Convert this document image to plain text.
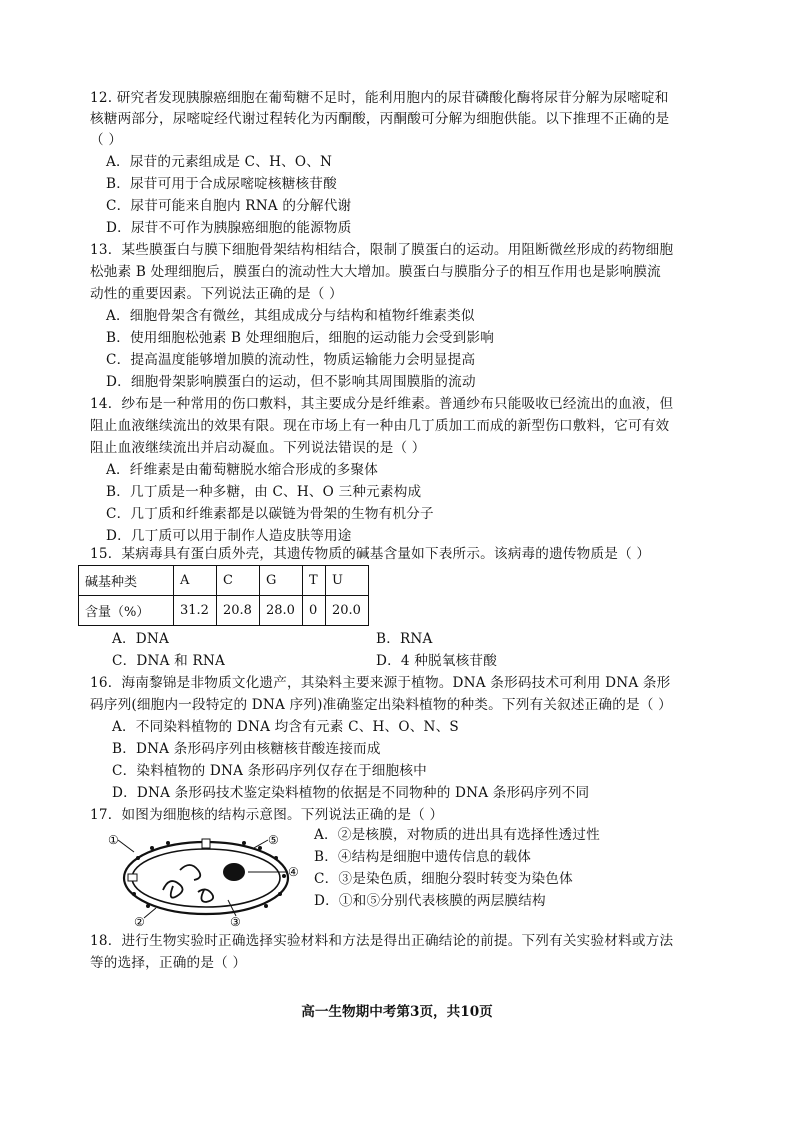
12. 研究者发现胰腺癌细胞在葡萄糖不足时，能利用胞内的尿苷磷酸化酶将尿苷分解为尿嘧啶和
核糖两部分，尿嘧啶经代谢过程转化为丙酮酸，丙酮酸可分解为细胞供能。以下推理不正确的是
（ ）
A．尿苷的元素组成是 C、H、O、N
B．尿苷可用于合成尿嘧啶核糖核苷酸
C．尿苷可能来自胞内 RNA 的分解代谢
D．尿苷不可作为胰腺癌细胞的能源物质
13．某些膜蛋白与膜下细胞骨架结构相结合，限制了膜蛋白的运动。用阻断微丝形成的药物细胞
松弛素 B 处理细胞后，膜蛋白的流动性大大增加。膜蛋白与膜脂分子的相互作用也是影响膜流
动性的重要因素。下列说法正确的是（ ）
A．细胞骨架含有微丝，其组成成分与结构和植物纤维素类似
B．使用细胞松弛素 B 处理细胞后，细胞的运动能力会受到影响
C．提高温度能够增加膜的流动性，物质运输能力会明显提高
D．细胞骨架影响膜蛋白的运动，但不影响其周围膜脂的流动
14．纱布是一种常用的伤口敷料，其主要成分是纤维素。普通纱布只能吸收已经流出的血液，但
阻止血液继续流出的效果有限。现在市场上有一种由几丁质加工而成的新型伤口敷料，它可有效
阻止血液继续流出并启动凝血。下列说法错误的是（ ）
A．纤维素是由葡萄糖脱水缩合形成的多聚体
B．几丁质是一种多糖，由 C、H、O 三种元素构成
C．几丁质和纤维素都是以碳链为骨架的生物有机分子
D．几丁质可以用于制作人造皮肤等用途
15．某病毒具有蛋白质外壳，其遗传物质的碱基含量如下表所示。该病毒的遗传物质是（ ）
碱基种类	A	C	G	T	U
含量（%）	31.2	20.8	28.0	0	20.0
A．DNA	B．RNA
C．DNA 和 RNA	D．4 种脱氧核苷酸
16．海南黎锦是非物质文化遗产，其染料主要来源于植物。DNA 条形码技术可利用 DNA 条形
码序列(细胞内一段特定的 DNA 序列)准确鉴定出染料植物的种类。下列有关叙述正确的是（ ）
A．不同染料植物的 DNA 均含有元素 C、H、O、N、S
B．DNA 条形码序列由核糖核苷酸连接而成
C．染料植物的 DNA 条形码序列仅存在于细胞核中
D．DNA 条形码技术鉴定染料植物的依据是不同物种的 DNA 条形码序列不同
17．如图为细胞核的结构示意图。下列说法正确的是（ ）
①
②	③
④
⑤	A．②是核膜，对物质的进出具有选择性透过性
B．④结构是细胞中遗传信息的载体
C．③是染色质，细胞分裂时转变为染色体
D．①和⑤分别代表核膜的两层膜结构
18．进行生物实验时正确选择实验材料和方法是得出正确结论的前提。下列有关实验材料或方法
等的选择，正确的是（ ）
高一生物期中考第3页，共10页
